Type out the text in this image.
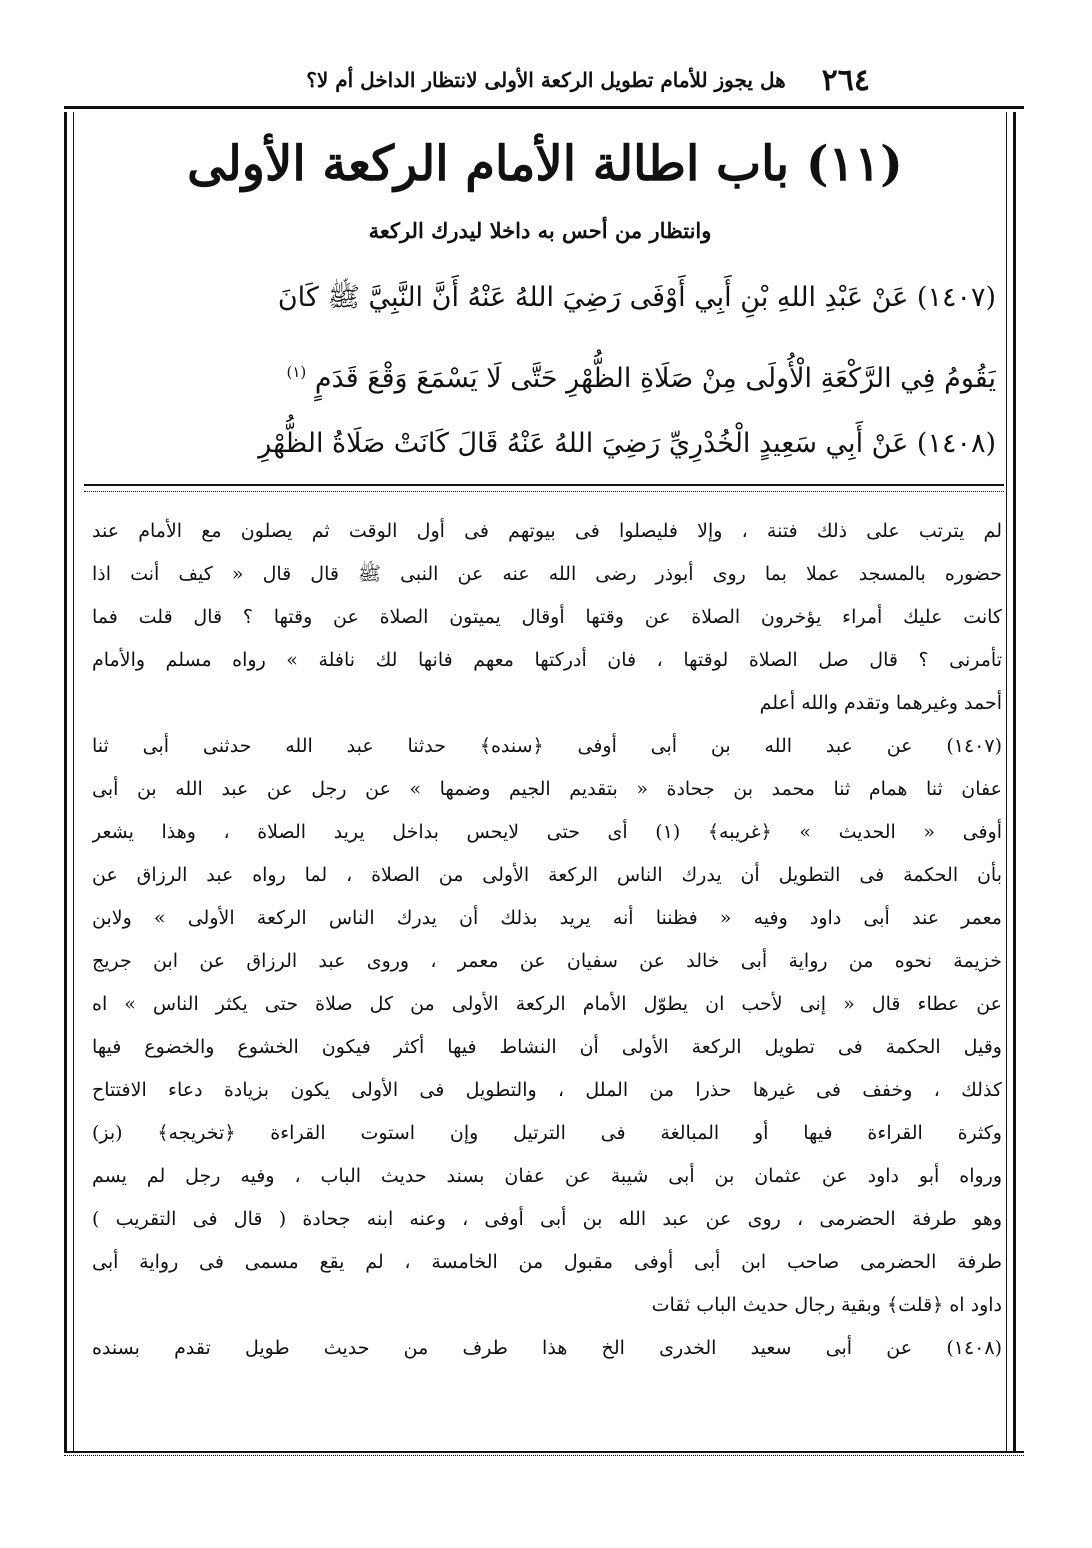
٢٦٤
هل يجوز للأمام تطويل الركعة الأولى لانتظار الداخل أم لا؟
(١١) باب اطالة الأمام الركعة الأولى
وانتظار من أحس به داخلا ليدرك الركعة
(١٤٠٧) عَنْ عَبْدِ اللهِ بْنِ أَبِي أَوْفَى رَضِيَ اللهُ عَنْهُ أَنَّ النَّبِيَّ ﷺ كَانَ
يَقُومُ فِي الرَّكْعَةِ الْأُولَى مِنْ صَلَاةِ الظُّهْرِ حَتَّى لَا يَسْمَعَ وَقْعَ قَدَمٍ $^{(١)}$
(١٤٠٨) عَنْ أَبِي سَعِيدٍ الْخُدْرِيِّ رَضِيَ اللهُ عَنْهُ قَالَ كَانَتْ صَلَاةُ الظُّهْرِ
لم يترتب على ذلك فتنة ، وإلا فليصلوا فى بيوتهم فى أول الوقت ثم يصلون مع الأمام عند
حضوره بالمسجد عملا بما روى أبوذر رضى الله عنه عن النبى ﷺ قال قال « كيف أنت اذا
كانت عليك أمراء يؤخرون الصلاة عن وقتها أوقال يميتون الصلاة عن وقتها ؟ قال قلت فما
تأمرنى ؟ قال صل الصلاة لوقتها ، فان أدركتها معهم فانها لك نافلة » رواه مسلم والأمام
أحمد وغيرهما وتقدم والله أعلم
(١٤٠٧) عن عبد الله بن أبى أوفى ﴿سنده﴾ حدثنا عبد الله حدثنى أبى ثنا
عفان ثنا همام ثنا محمد بن جحادة « بتقديم الجيم وضمها » عن رجل عن عبد الله بن أبى
أوفى « الحديث » ﴿غريبه﴾ (١) أى حتى لايحس بداخل يريد الصلاة ، وهذا يشعر
بأن الحكمة فى التطويل أن يدرك الناس الركعة الأولى من الصلاة ، لما رواه عبد الرزاق عن
معمر عند أبى داود وفيه « فظننا أنه يريد بذلك أن يدرك الناس الركعة الأولى » ولابن
خزيمة نحوه من رواية أبى خالد عن سفيان عن معمر ، وروى عبد الرزاق عن ابن جريج
عن عطاء قال « إنى لأحب ان يطوّل الأمام الركعة الأولى من كل صلاة حتى يكثر الناس » اه
وقيل الحكمة فى تطويل الركعة الأولى أن النشاط فيها أكثر فيكون الخشوع والخضوع فيها
كذلك ، وخفف فى غيرها حذرا من الملل ، والتطويل فى الأولى يكون بزيادة دعاء الافتتاح
وكثرة القراءة فيها أو المبالغة فى الترتيل وإن استوت القراءة ﴿تخريجه﴾ (بز)
ورواه أبو داود عن عثمان بن أبى شيبة عن عفان بسند حديث الباب ، وفيه رجل لم يسم
وهو طرفة الحضرمى ، روى عن عبد الله بن أبى أوفى ، وعنه ابنه جحادة ( قال فى التقريب )
طرفة الحضرمى صاحب ابن أبى أوفى مقبول من الخامسة ، لم يقع مسمى فى رواية أبى
داود اه ﴿قلت﴾ وبقية رجال حديث الباب ثقات
(١٤٠٨) عن أبى سعيد الخدرى الخ هذا طرف من حديث طويل تقدم بسنده
